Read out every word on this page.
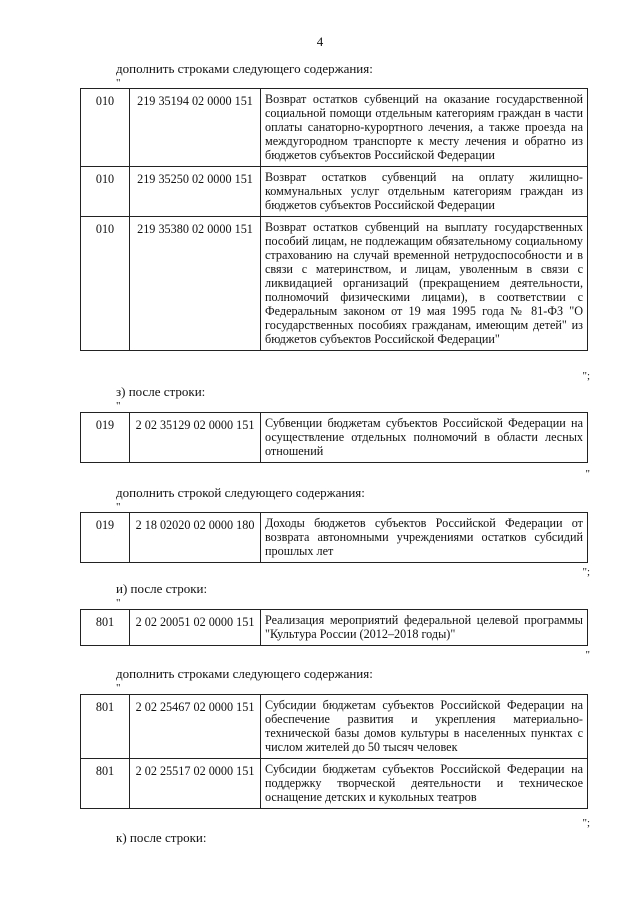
4
дополнить строками следующего содержания:
"
010	219 35194 02 0000 151	Возврат остатков субвенций на оказание государственной социальной помощи отдельным категориям граждан в части оплаты санаторно-курортного лечения, а также проезда на междугородном транспорте к месту лечения и обратно из бюджетов субъектов Российской Федерации
010	219 35250 02 0000 151	Возврат остатков субвенций на оплату жилищно-коммунальных услуг отдельным категориям граждан из бюджетов субъектов Российской Федерации
010	219 35380 02 0000 151	Возврат остатков субвенций на выплату государственных пособий лицам, не подлежащим обязательному социальному страхованию на случай временной нетрудоспособности и в связи с материнством, и лицам, уволенным в связи с ликвидацией организаций (прекращением деятельности, полномочий физическими лицами), в соответствии с Федеральным законом от 19 мая 1995 года № 81-ФЗ "О государственных пособиях гражданам, имеющим детей" из бюджетов субъектов Российской Федерации"
";
з) после строки:
"
019	2 02 35129 02 0000 151	Субвенции бюджетам субъектов Российской Федерации на осуществление отдельных полномочий в области лесных отношений
"
дополнить строкой следующего содержания:
"
019	2 18 02020 02 0000 180	Доходы бюджетов субъектов Российской Федерации от возврата автономными учреждениями остатков субсидий прошлых лет
";
и) после строки:
"
801	2 02 20051 02 0000 151	Реализация мероприятий федеральной целевой программы "Культура России (2012–2018 годы)"
"
дополнить строками следующего содержания:
"
801	2 02 25467 02 0000 151	Субсидии бюджетам субъектов Российской Федерации на обеспечение развития и укрепления материально-технической базы домов культуры в населенных пунктах с числом жителей до 50 тысяч человек
801	2 02 25517 02 0000 151	Субсидии бюджетам субъектов Российской Федерации на поддержку творческой деятельности и техническое оснащение детских и кукольных театров
";
к) после строки:
